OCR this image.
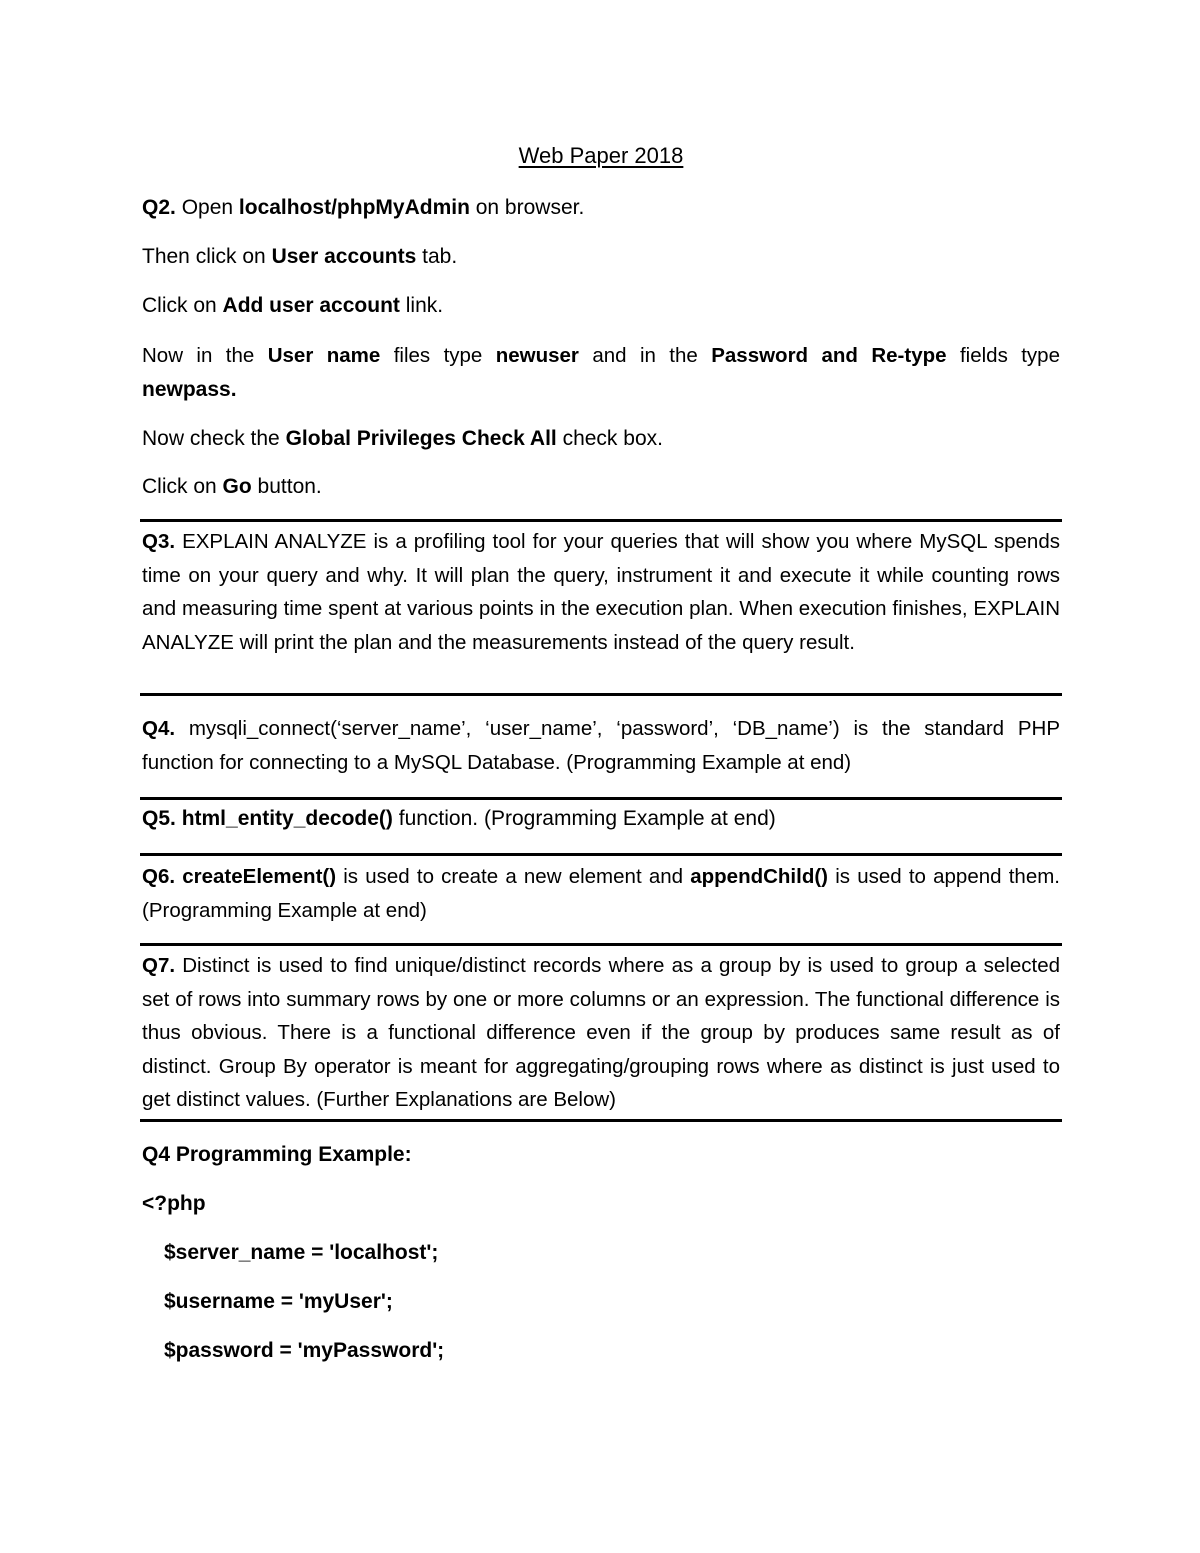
Web Paper 2018
Q2. Open localhost/phpMyAdmin on browser.
Then click on User accounts tab.
Click on Add user account link.
Now in the User name files type newuser and in the Password and Re-type fields type
newpass.
Now check the Global Privileges Check All check box.
Click on Go button.
Q3. EXPLAIN ANALYZE is a profiling tool for your queries that will show you where MySQL spends time on your query and why. It will plan the query, instrument it and execute it while counting rows and measuring time spent at various points in the execution plan. When execution finishes, EXPLAIN ANALYZE will print the plan and the measurements instead of the query result.
Q4. mysqli_connect(‘server_name’, ‘user_name’, ‘password’, ‘DB_name’) is the standard PHP function for connecting to a MySQL Database. (Programming Example at end)
Q5. html_entity_decode() function. (Programming Example at end)
Q6. createElement() is used to create a new element and appendChild() is used to append them. (Programming Example at end)
Q7. Distinct is used to find unique/distinct records where as a group by is used to group a selected set of rows into summary rows by one or more columns or an expression. The functional difference is thus obvious. There is a functional difference even if the group by produces same result as of distinct. Group By operator is meant for aggregating/grouping rows where as distinct is just used to get distinct values. (Further Explanations are Below)
Q4 Programming Example:
<?php
$server_name = 'localhost';
$username = 'myUser';
$password = 'myPassword';
